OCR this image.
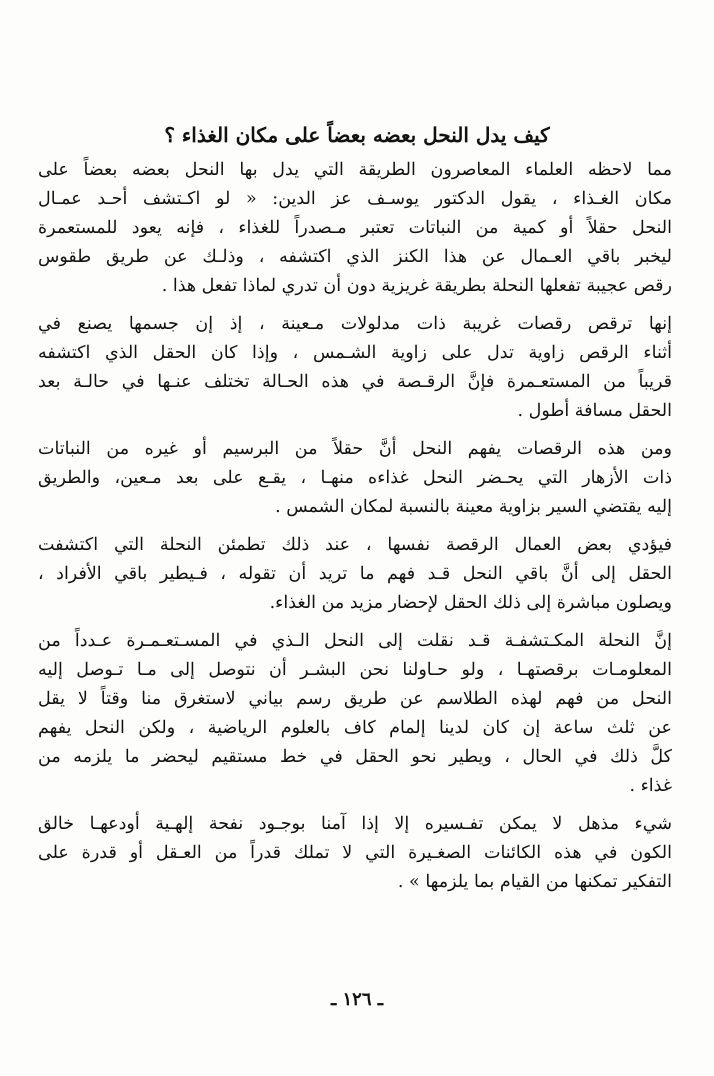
كيف يدل النحل بعضه بعضاً على مكان الغذاء ؟
مما لاحظه العلماء المعاصرون الطريقة التي يدل بها النحل بعضه بعضاً على
مكان الغـذاء ، يقول الدكتور يوسـف عز الدين: « لو اكـتشف أحـد عمـال
النحل حقلاً أو كمية من النباتات تعتبر مـصدراً للغذاء ، فإنه يعود للمستعمرة
ليخبر باقي العـمال عن هذا الكنز الذي اكتشفه ، وذلـك عن طريق طقوس
رقص عجيبة تفعلها النحلة بطريقة غريزية دون أن تدري لماذا تفعل هذا .
إنها ترقص رقصات غريبة ذات مدلولات مـعينة ، إذ إن جسمها يصنع في
أثناء الرقص زاوية تدل على زاوية الشـمس ، وإذا كان الحقل الذي اكتشفه
قريباً من المستعـمرة فإنَّ الرقـصة في هذه الحـالة تختلف عنـها في حالـة بعد
الحقل مسافة أطول .
ومن هذه الرقصات يفهم النحل أنَّ حقلاً من البرسيم أو غيره من النباتات
ذات الأزهار التي يحـضر النحل غذاءه منهـا ، يقـع على بعد مـعين، والطريق
إليه يقتضي السير بزاوية معينة بالنسبة لمكان الشمس .
فيؤدي بعض العمال الرقصة نفسها ، عند ذلك تطمئن النحلة التي اكتشفت
الحقل إلى أنَّ باقي النحل قـد فهم ما تريد أن تقوله ، فـيطير باقي الأفراد ،
ويصلون مباشرة إلى ذلك الحقل لإحضار مزيد من الغذاء.
إنَّ النحلة المكـتشفـة قـد نقلت إلى النحل الـذي في المسـتعـمـرة عـدداً من
المعلومـات برقصتهـا ، ولو حـاولنا نحن البشـر أن نتوصل إلى مـا تـوصل إليه
النحل من فهم لهذه الطلاسم عن طريق رسم بياني لاستغرق منا وقتاً لا يقل
عن ثلث ساعة إن كان لدينا إلمام كاف بالعلوم الرياضية ، ولكن النحل يفهم
كلَّ ذلك في الحال ، ويطير نحو الحقل في خط مستقيم ليحضر ما يلزمه من
غذاء .
شيء مذهل لا يمكن تفـسيره إلا إذا آمنا بوجـود نفحة إلهـية أودعهـا خالق
الكون في هذه الكائنات الصغـيرة التي لا تملك قدراً من العـقل أو قدرة على
التفكير تمكنها من القيام بما يلزمها » .
ـ ١٢٦ ـ
